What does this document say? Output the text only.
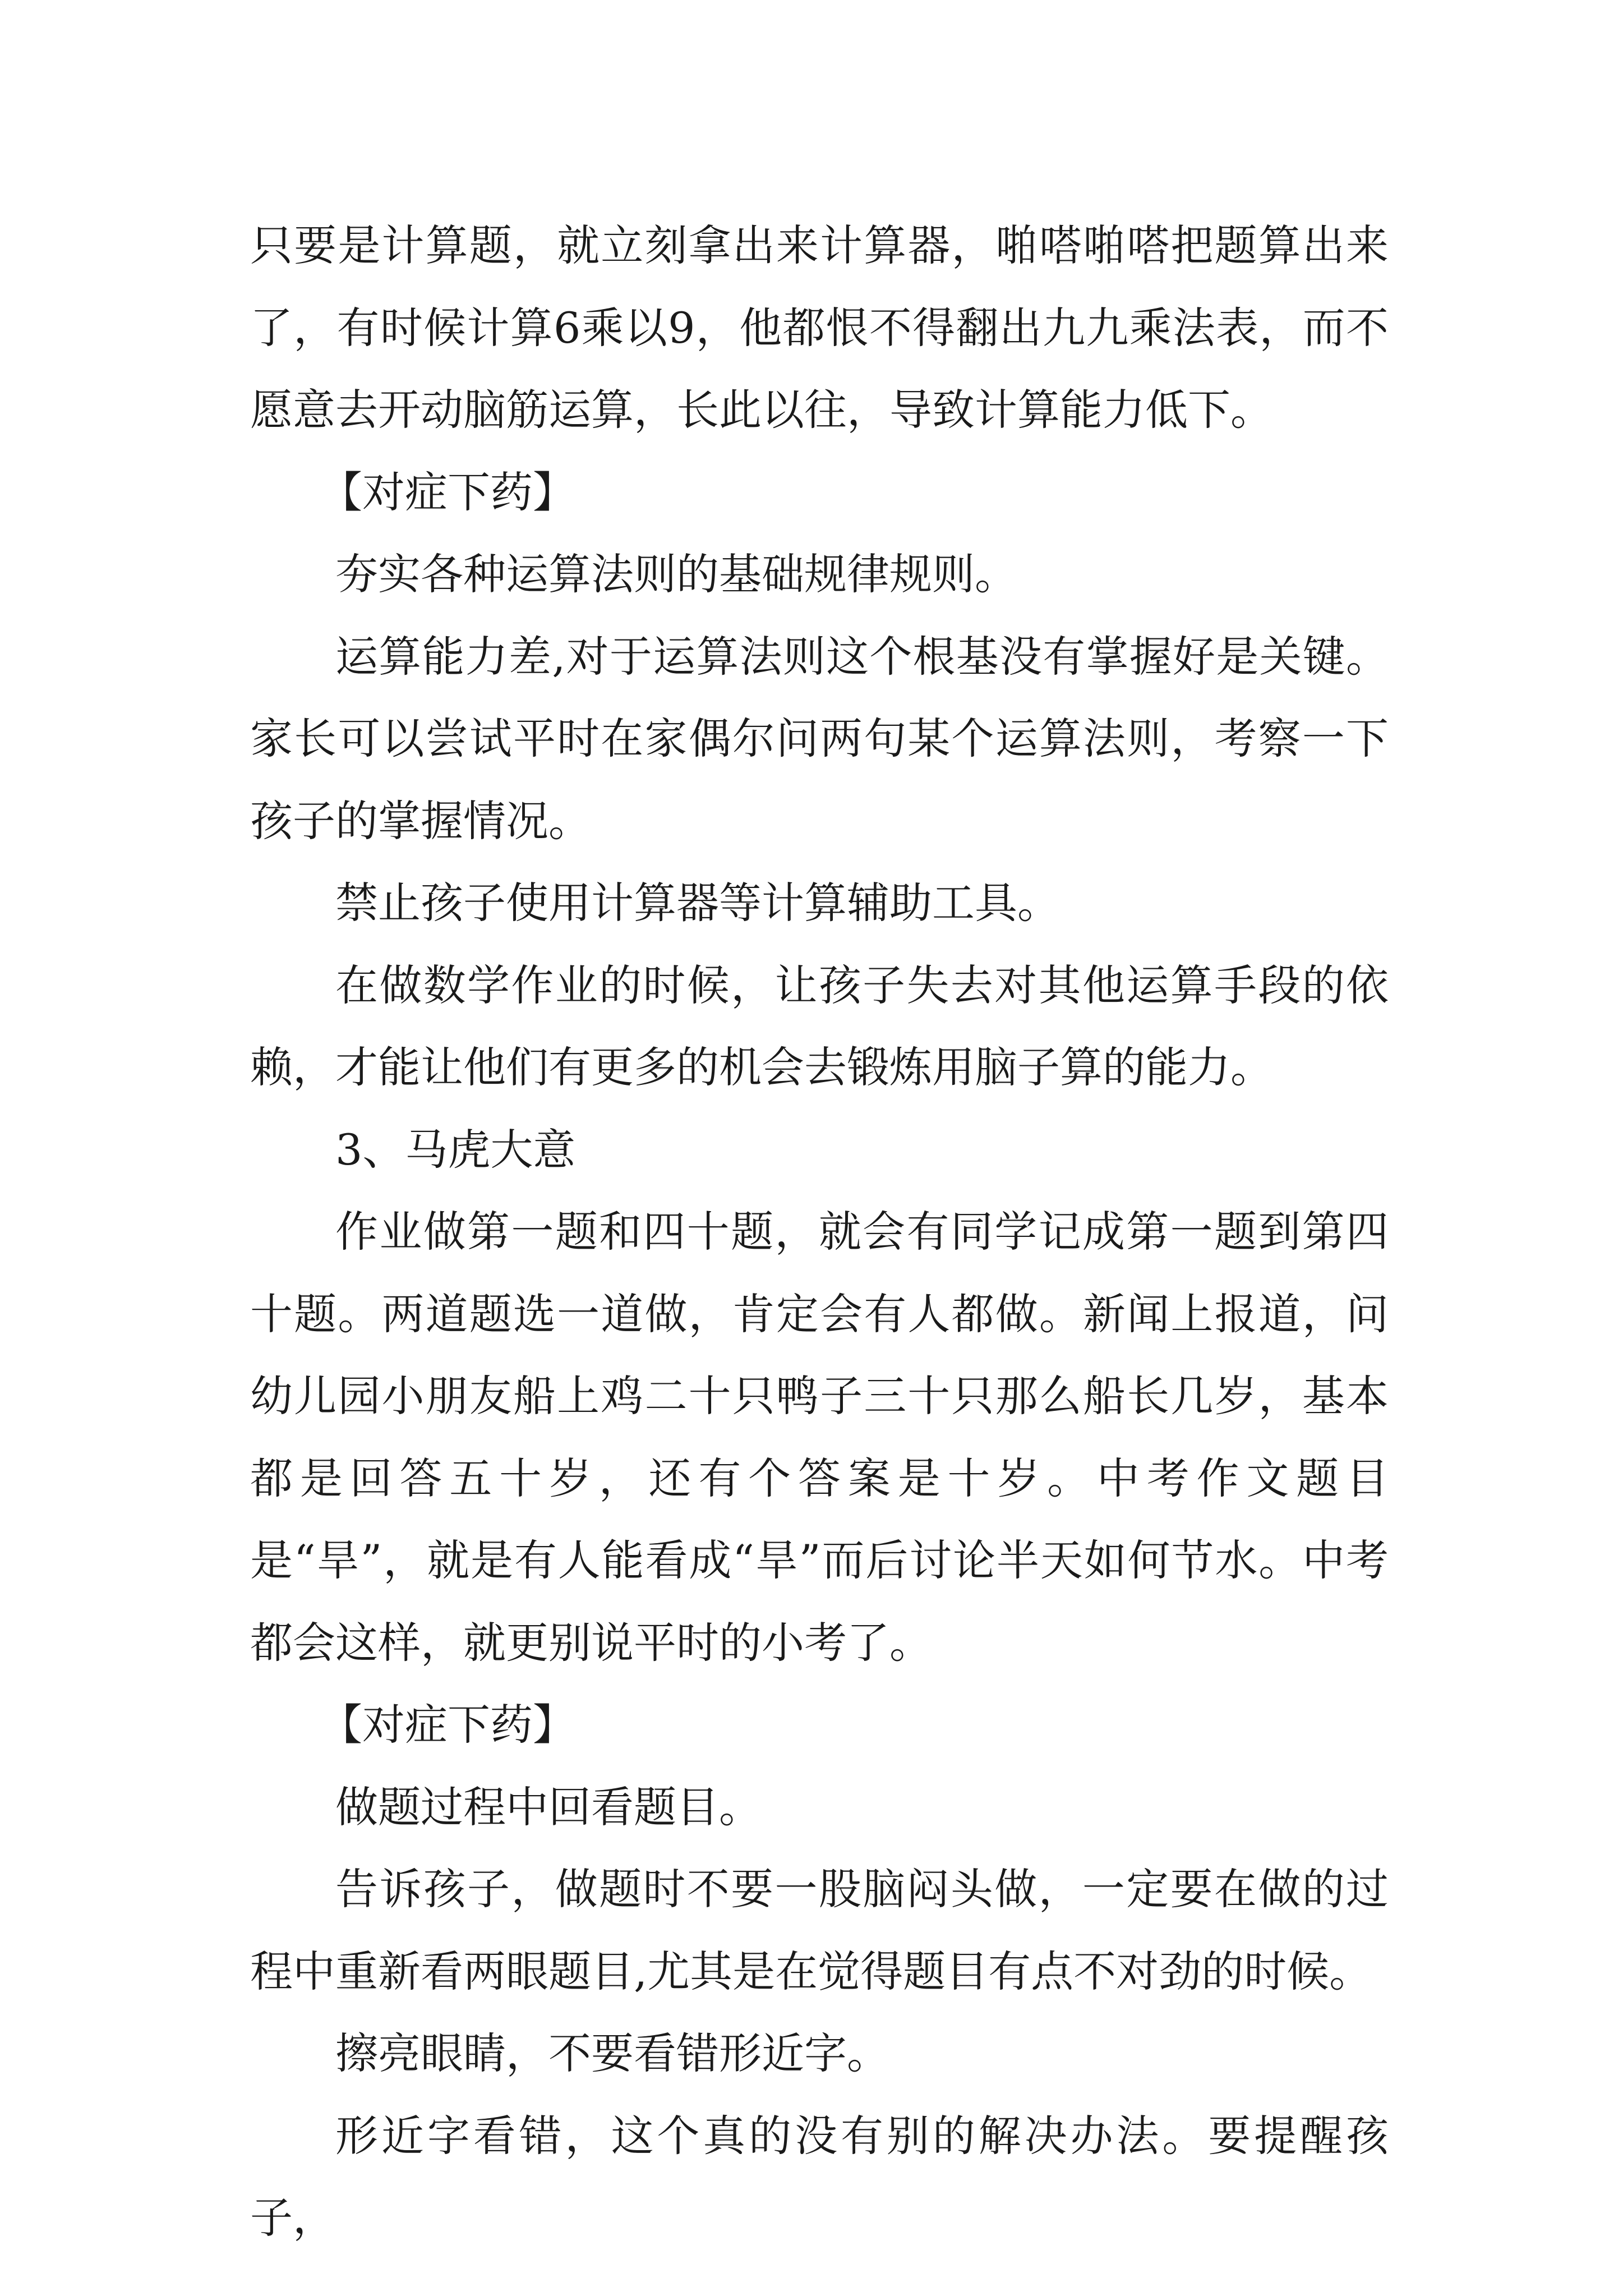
只要是计算题，就立刻拿出来计算器，啪嗒啪嗒把题算出来了，有时候计算6乘以9，他都恨不得翻出九九乘法表，而不愿意去开动脑筋运算，长此以往，导致计算能力低下。

【对症下药】

夯实各种运算法则的基础规律规则。

运算能力差,对于运算法则这个根基没有掌握好是关键。家长可以尝试平时在家偶尔问两句某个运算法则，考察一下孩子的掌握情况。

禁止孩子使用计算器等计算辅助工具。

在做数学作业的时候，让孩子失去对其他运算手段的依赖，才能让他们有更多的机会去锻炼用脑子算的能力。

3、马虎大意

作业做第一题和四十题，就会有同学记成第一题到第四十题。两道题选一道做，肯定会有人都做。新闻上报道，问幼儿园小朋友船上鸡二十只鸭子三十只那么船长几岁，基本都是回答五十岁，还有个答案是十岁。中考作文题目是“旱”，就是有人能看成“旱”而后讨论半天如何节水。中考都会这样，就更别说平时的小考了。

【对症下药】

做题过程中回看题目。

告诉孩子，做题时不要一股脑闷头做，一定要在做的过程中重新看两眼题目,尤其是在觉得题目有点不对劲的时候。

擦亮眼睛，不要看错形近字。

形近字看错，这个真的没有别的解决办法。要提醒孩子，
